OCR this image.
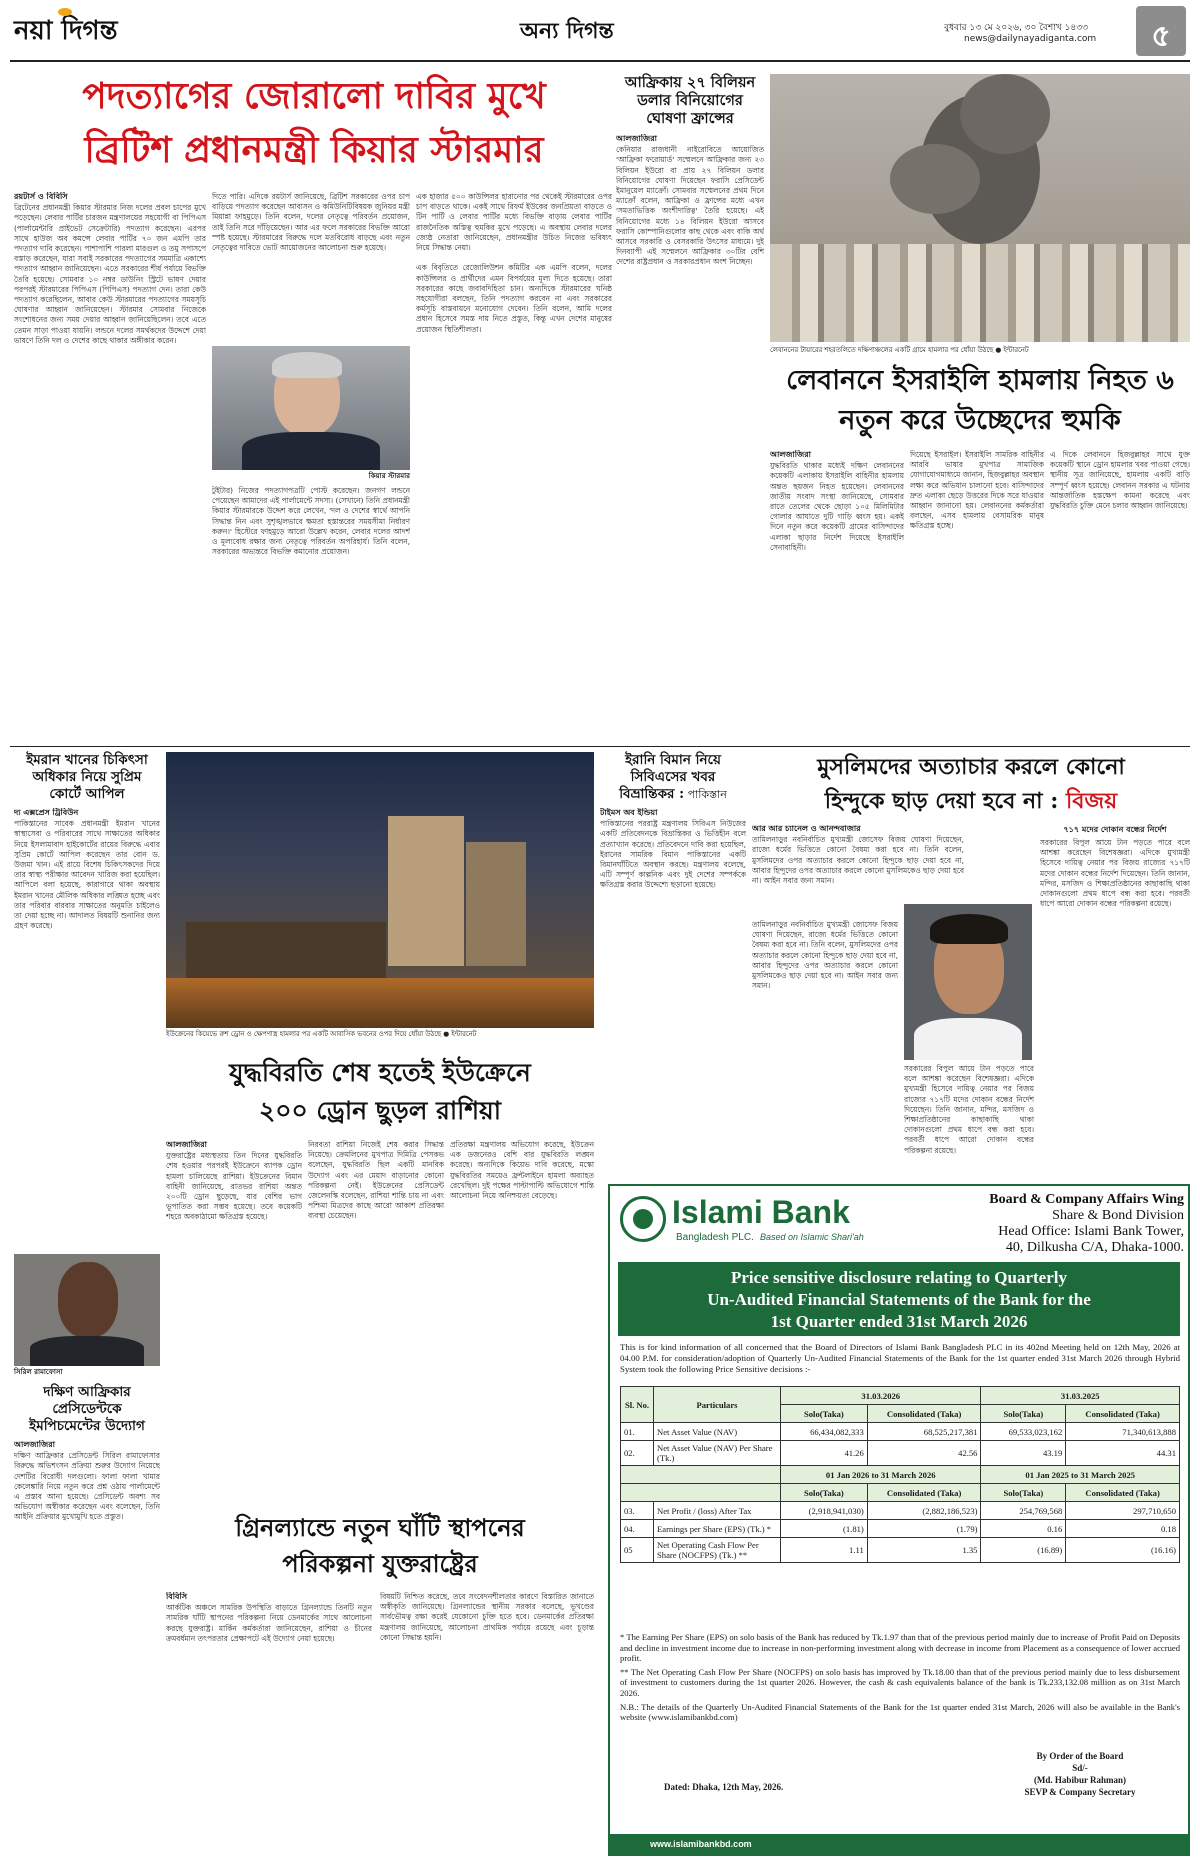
নয়া দিগন্ত	অন্য দিগন্ত	বুধবার ১৩ মে ২০২৬, ৩০ বৈশাখ ১৪৩৩
news@dailynayadiganta.com	৫
পদত্যাগের জোরালো দাবির মুখে
ব্রিটিশ প্রধানমন্ত্রী কিয়ার স্টারমার
রয়টার্স ও বিবিসি
ব্রিটেনের প্রধানমন্ত্রী কিয়ার স্টারমার নিজ দলের প্রবল চাপের মুখে পড়েছেন। লেবার পার্টির চারজন মন্ত্রণালয়ের সহযোগী বা পিপিএস (পার্লামেন্টারি প্রাইভেট সেক্রেটারি) পদত্যাগ করেছেন। এরপর সাথে হাউজ অব কমন্সে লেবার পার্টির ৭০ জন এমপি তার পদত্যাগ দাবি করেছেন। পাশাপাশি পারলা মারগুল ও তমু সপাসপে বস্তাড় করেছেন, যারা সবাই সরকারের পদত্যাগের সমমাত্রি একাশ্যে পদত্যাগ আহ্বান জানিয়েছেন। এতে সরকারের শীর্ষ পর্যায়ে বিভক্তি তৈরি হয়েছে। সোমবার ১০ নম্বর ডাউনিং স্ট্রিটে ভাষণ দেয়ার পরপরই স্টারমারের পিপিএস (পিপিএস) পদত্যাগ দেন। তারা কেউ পদত্যাগ করেছিলেন, আবার কেউ স্টারমারের পদত্যাগের সময়সূচি ঘোষণার আহ্বান জানিয়েছেন। স্টারমার সোমবার নিজেকে সংশোধনের জন্য সময় দেয়ার আহ্বান জানিয়েছিলেন। তবে এতে তেমন সাড়া পাওয়া যায়নি। লন্ডনে দলের সমর্থকদের উদ্দেশে দেয়া ভাষণে তিনি দল ও দেশের কাছে থাকার অঙ্গীকার করেন।
দিতে পারি। এদিকে রয়টার্স জানিয়েছে, ব্রিটিশ সরকারের ওপর চাপ বাড়িয়ে পদত্যাগ করেছেন আবাসন ও কমিউনিটিবিষয়ক জুনিয়র মন্ত্রী মিয়ান্না ফাহমুড়ে। তিনি বলেন, দলের নেতৃত্বে পরিবর্তন প্রয়োজন, তাই তিনি সরে দাঁড়িয়েছেন। আর এর ফলে সরকারের বিভক্তি আরো স্পষ্ট হয়েছে। স্টারমারের বিরুদ্ধে দলে মতবিরোধ বাড়ছে এবং নতুন নেতৃত্বের দাবিতে ভোট আয়োজনের আলোচনা শুরু হয়েছে।
কিয়ার স্টারমার
টুইটার) নিজের পদত্যাগপত্রটি পোস্ট করেছেন। জনগণ লন্ডনে পেয়েছেন আমাদের এই পার্লামেন্টে সদস্য। (সেখানে) তিনি প্রধানমন্ত্রী কিয়ার স্টারমারকে উদ্দেশ করে লেখেন, 'দল ও দেশের স্বার্থে আপনি সিদ্ধান্ত নিন এবং সুশৃঙ্খলভাবে ক্ষমতা হস্তান্তরের সময়সীমা নির্ধারণ করুন।' হিস্টেরে ফাহমুড়ে আরো উল্লেখ করেন, লেবার দলের আদর্শ ও মূল্যবোধ রক্ষার জন্য নেতৃত্বে পরিবর্তন অপরিহার্য। তিনি বলেন, সরকারের অভ্যন্তরে বিভক্তি কমানোর প্রয়োজন।
এক হাজার ৫০০ কাউন্সিলর হারানোর পর থেকেই স্টারমারের ওপর চাপ বাড়তে থাকে। একই সাথে রিফর্ম ইউকের জনপ্রিয়তা বাড়তে ও টিন পার্টি ও লেবার পার্টির মধ্যে বিভক্তি বাড়ায় লেবার পার্টির রাজনৈতিক অস্তিত্ব হুমকির মুখে পড়েছে। এ অবস্থায় লেবার দলের জ্যেষ্ঠ নেতারা জানিয়েছেন, প্রধানমন্ত্রীর উচিত নিজের ভবিষ্যৎ নিয়ে সিদ্ধান্ত নেয়া।

এক বিবৃতিতে রেজোলিউশন কমিটির এক এমপি বলেন, দলের কাউন্সিলর ও প্রার্থীদের এমন বিপর্যয়ের মূল্য দিতে হয়েছে। তারা সরকারের কাছে জবাবদিহিতা চান। অন্যদিকে স্টারমারের ঘনিষ্ঠ সহযোগীরা বলছেন, তিনি পদত্যাগ করবেন না এবং সরকারের কর্মসূচি বাস্তবায়নে মনোযোগ দেবেন। তিনি বলেন, আমি দলের প্রধান হিসেবে সমস্ত দায় নিতে প্রস্তুত, কিন্তু এখন দেশের মানুষের প্রয়োজন স্থিতিশীলতা।
আফ্রিকায় ২৭ বিলিয়ন
ডলার বিনিয়োগের
ঘোষণা ফ্রান্সের
আলজাজিরা
কেনিয়ার রাজধানী নাইরোবিতে আয়োজিত 'আফ্রিকা ফরোয়ার্ড' সম্মেলনে আফ্রিকার জন্য ২৩ বিলিয়ন ইউরো বা প্রায় ২৭ বিলিয়ন ডলার বিনিয়োগের ঘোষণা দিয়েছেন ফরাসি প্রেসিডেন্ট ইমানুয়েল ম্যাক্রোঁ। সোমবার সম্মেলনের প্রথম দিনে ম্যাক্রোঁ বলেন, আফ্রিকা ও ফ্রান্সের মধ্যে এখন 'সমতাভিত্তিক অংশীদারিত্ব' তৈরি হয়েছে। এই বিনিয়োগের মধ্যে ১৪ বিলিয়ন ইউরো আসবে ফরাসি কোম্পানিগুলোর কাছ থেকে এবং বাকি অর্থ আসবে সরকারি ও বেসরকারি উৎসের মাধ্যমে। দুই দিনব্যাপী এই সম্মেলনে আফ্রিকার ৩০টির বেশি দেশের রাষ্ট্রপ্রধান ও সরকারপ্রধান অংশ নিচ্ছেন।
লেবাননের টায়ারের শহরতলিতে দক্ষিণাঞ্চলের একটি গ্রামে হামলার পর ধোঁয়া উঠছে ● ইন্টারনেট
লেবাননে ইসরাইলি হামলায় নিহত ৬
নতুন করে উচ্ছেদের হুমকি
আলজাজিরা
যুদ্ধবিরতি থাকার মধ্যেই দক্ষিণ লেবাননের কয়েকটি এলাকায় ইসরাইলি বাহিনীর হামলায় অন্তত ছয়জন নিহত হয়েছেন। লেবাননের জাতীয় সংবাদ সংস্থা জানিয়েছে, সোমবার রাতে তেলের থেকে ছোড়া ১০৫ মিলিমিটার গোলার আঘাতে দুটি গাড়ি ধ্বংস হয়। একই দিনে নতুন করে কয়েকটি গ্রামের বাসিন্দাদের এলাকা ছাড়ার নির্দেশ দিয়েছে ইসরাইলি সেনাবাহিনী।
দিয়েছে ইসরাইল। ইসরাইলি সামরিক বাহিনীর আরবি ভাষার মুখপাত্র সামাজিক যোগাযোগমাধ্যমে জানান, হিজবুল্লাহর অবস্থান লক্ষ্য করে অভিযান চালানো হবে। বাসিন্দাদের দ্রুত এলাকা ছেড়ে উত্তরের দিকে সরে যাওয়ার আহ্বান জানানো হয়। লেবাননের কর্মকর্তারা বলছেন, এসব হামলায় বেসামরিক মানুষ ক্ষতিগ্রস্ত হচ্ছে।
এ দিকে লেবাননে হিজবুল্লাহর সাথে যুক্ত কয়েকটি স্থানে ড্রোন হামলার খবর পাওয়া গেছে। স্থানীয় সূত্র জানিয়েছে, হামলায় একটি বাড়ি সম্পূর্ণ ধ্বংস হয়েছে। লেবানন সরকার এ ঘটনায় আন্তর্জাতিক হস্তক্ষেপ কামনা করেছে এবং যুদ্ধবিরতি চুক্তি মেনে চলার আহ্বান জানিয়েছে।
ইমরান খানের চিকিৎসা
অধিকার নিয়ে সুপ্রিম
কোর্টে আপিল
দ্য এক্সপ্রেস ট্রিবিউন
পাকিস্তানের সাবেক প্রধানমন্ত্রী ইমরান খানের স্বাস্থ্যসেবা ও পরিবারের সাথে সাক্ষাতের অধিকার নিয়ে ইসলামাবাদ হাইকোর্টের রায়ের বিরুদ্ধে এবার সুপ্রিম কোর্টে আপিল করেছেন তার বোন ড. উজমা খান। এই রায়ে বিশেষ চিকিৎসকদের দিয়ে তার স্বাস্থ্য পরীক্ষার আবেদন খারিজ করা হয়েছিল। আপিলে বলা হয়েছে, কারাগারে থাকা অবস্থায় ইমরান খানের মৌলিক অধিকার লঙ্ঘিত হচ্ছে এবং তার পরিবার বারবার সাক্ষাতের অনুমতি চাইলেও তা দেয়া হচ্ছে না। আদালত বিষয়টি শুনানির জন্য গ্রহণ করেছে।
ইউক্রেনের কিয়েভে রুশ ড্রোন ও ক্ষেপণাস্ত্র হামলার পর একটি আবাসিক ভবনের ওপর দিয়ে ধোঁয়া উঠছে ● ইন্টারনেট
যুদ্ধবিরতি শেষ হতেই ইউক্রেনে
২০০ ড্রোন ছুড়ল রাশিয়া
আলজাজিরা
যুক্তরাষ্ট্রের মধ্যস্থতায় তিন দিনের যুদ্ধবিরতি শেষ হওয়ার পরপরই ইউক্রেনে ব্যাপক ড্রোন হামলা চালিয়েছে রাশিয়া। ইউক্রেনের বিমান বাহিনী জানিয়েছে, রাতভর রাশিয়া অন্তত ২০০টি ড্রোন ছুড়েছে, যার বেশির ভাগ ভূপাতিত করা সম্ভব হয়েছে। তবে কয়েকটি শহরে অবকাঠামো ক্ষতিগ্রস্ত হয়েছে।
নিরবতা রাশিয়া নিজেই শেষ করার সিদ্ধান্ত নিয়েছে। ক্রেমলিনের মুখপাত্র দিমিত্রি পেসকভ বলেছেন, যুদ্ধবিরতি ছিল একটি মানবিক উদ্যোগ এবং এর মেয়াদ বাড়ানোর কোনো পরিকল্পনা নেই। ইউক্রেনের প্রেসিডেন্ট জেলেনস্কি বলেছেন, রাশিয়া শান্তি চায় না এবং পশ্চিমা মিত্রদের কাছে আরো আকাশ প্রতিরক্ষা ব্যবস্থা চেয়েছেন।
প্রতিরক্ষা মন্ত্রণালয় অভিযোগ করেছে, ইউক্রেন এক ডজনেরও বেশি বার যুদ্ধবিরতি লঙ্ঘন করেছে। অন্যদিকে কিয়েভ দাবি করেছে, মস্কো যুদ্ধবিরতির সময়েও ফ্রন্টলাইনে হামলা অব্যাহত রেখেছিল। দুই পক্ষের পাল্টাপাল্টি অভিযোগে শান্তি আলোচনা নিয়ে অনিশ্চয়তা বেড়েছে।
ইরানি বিমান নিয়ে
সিবিএসের খবর
বিভ্রান্তিকর : পাকিস্তান
টাইমস অব ইন্ডিয়া
পাকিস্তানের পররাষ্ট্র মন্ত্রণালয় সিবিএস নিউজের একটি প্রতিবেদনকে বিভ্রান্তিকর ও ভিত্তিহীন বলে প্রত্যাখ্যান করেছে। প্রতিবেদনে দাবি করা হয়েছিল, ইরানের সামরিক বিমান পাকিস্তানের একটি বিমানঘাঁটিতে অবস্থান করছে। মন্ত্রণালয় বলেছে, এটি সম্পূর্ণ কাল্পনিক এবং দুই দেশের সম্পর্ককে ক্ষতিগ্রস্ত করার উদ্দেশ্যে ছড়ানো হয়েছে।
মুসলিমদের অত্যাচার করলে কোনো
হিন্দুকে ছাড় দেয়া হবে না : বিজয়
আর আর চ্যানেল ও আনন্দবাজার
তামিলনাড়ুর নবনির্বাচিত মুখ্যমন্ত্রী জোসেফ বিজয় ঘোষণা দিয়েছেন, রাজ্যে ধর্মের ভিত্তিতে কোনো বৈষম্য করা হবে না। তিনি বলেন, মুসলিমদের ওপর অত্যাচার করলে কোনো হিন্দুকে ছাড় দেয়া হবে না, আবার হিন্দুদের ওপর অত্যাচার করলে কোনো মুসলিমকেও ছাড় দেয়া হবে না। আইন সবার জন্য সমান।
তামিলনাড়ুর নবনির্বাচিত মুখ্যমন্ত্রী জোসেফ বিজয় ঘোষণা দিয়েছেন, রাজ্যে ধর্মের ভিত্তিতে কোনো বৈষম্য করা হবে না। তিনি বলেন, মুসলিমদের ওপর অত্যাচার করলে কোনো হিন্দুকে ছাড় দেয়া হবে না, আবার হিন্দুদের ওপর অত্যাচার করলে কোনো মুসলিমকেও ছাড় দেয়া হবে না। আইন সবার জন্য সমান।
৭১৭ মদের দোকান বন্ধের নির্দেশ
সরকারের বিপুল আয়ে টান পড়তে পারে বলে আশঙ্কা করেছেন বিশেষজ্ঞরা। এদিকে মুখ্যমন্ত্রী হিসেবে দায়িত্ব নেয়ার পর বিজয় রাজ্যের ৭১৭টি মদের দোকান বন্ধের নির্দেশ দিয়েছেন। তিনি জানান, মন্দির, মসজিদ ও শিক্ষাপ্রতিষ্ঠানের কাছাকাছি থাকা দোকানগুলো প্রথম ধাপে বন্ধ করা হবে। পরবর্তী ধাপে আরো দোকান বন্ধের পরিকল্পনা রয়েছে।
সরকারের বিপুল আয়ে টান পড়তে পারে বলে আশঙ্কা করেছেন বিশেষজ্ঞরা। এদিকে মুখ্যমন্ত্রী হিসেবে দায়িত্ব নেয়ার পর বিজয় রাজ্যের ৭১৭টি মদের দোকান বন্ধের নির্দেশ দিয়েছেন। তিনি জানান, মন্দির, মসজিদ ও শিক্ষাপ্রতিষ্ঠানের কাছাকাছি থাকা দোকানগুলো প্রথম ধাপে বন্ধ করা হবে। পরবর্তী ধাপে আরো দোকান বন্ধের পরিকল্পনা রয়েছে।
সিরিল রামাফোসা
দক্ষিণ আফ্রিকার
প্রেসিডেন্টকে
ইমপিচমেন্টের উদ্যোগ
আলজাজিরা
দক্ষিণ আফ্রিকার প্রেসিডেন্ট সিরিল রামাফোসার বিরুদ্ধে অভিশংসন প্রক্রিয়া শুরুর উদ্যোগ নিয়েছে দেশটির বিরোধী দলগুলো। ফালা ফালা খামার কেলেঙ্কারি নিয়ে নতুন করে প্রশ্ন ওঠায় পার্লামেন্টে এ প্রস্তাব আনা হয়েছে। প্রেসিডেন্ট অবশ্য সব অভিযোগ অস্বীকার করেছেন এবং বলেছেন, তিনি আইনি প্রক্রিয়ার মুখোমুখি হতে প্রস্তুত।	গ্রিনল্যান্ডে নতুন ঘাঁটি স্থাপনের
পরিকল্পনা যুক্তরাষ্ট্রের
বিবিসি
আর্কটিক অঞ্চলে সামরিক উপস্থিতি বাড়াতে গ্রিনল্যান্ডে তিনটি নতুন সামরিক ঘাঁটি স্থাপনের পরিকল্পনা নিয়ে ডেনমার্কের সাথে আলোচনা করছে যুক্তরাষ্ট্র। মার্কিন কর্মকর্তারা জানিয়েছেন, রাশিয়া ও চীনের ক্রমবর্ধমান তৎপরতার প্রেক্ষাপটে এই উদ্যোগ নেয়া হয়েছে।
বিষয়টি নিশ্চিত করেছে, তবে সংবেদনশীলতার কারণে বিস্তারিত জানাতে অস্বীকৃতি জানিয়েছে। গ্রিনল্যান্ডের স্থানীয় সরকার বলেছে, ভূখণ্ডের সার্বভৌমত্ব রক্ষা করেই যেকোনো চুক্তি হতে হবে। ডেনমার্কের প্রতিরক্ষা মন্ত্রণালয় জানিয়েছে, আলোচনা প্রাথমিক পর্যায়ে রয়েছে এবং চূড়ান্ত কোনো সিদ্ধান্ত হয়নি।
Islami Bank
Bangladesh PLC. Based on Islamic Shari'ah
Board & Company Affairs Wing
Share & Bond Division
Head Office: Islami Bank Tower,
40, Dilkusha C/A, Dhaka-1000.
Price sensitive disclosure relating to Quarterly
Un-Audited Financial Statements of the Bank for the
1st Quarter ended 31st March 2026
This is for kind information of all concerned that the Board of Directors of Islami Bank Bangladesh PLC in its 402nd Meeting held on 12th May, 2026 at 04.00 P.M. for consideration/adoption of Quarterly Un-Audited Financial Statements of the Bank for the 1st quarter ended 31st March 2026 through Hybrid System took the following Price Sensitive decisions :-
Sl. No.	Particulars	31.03.2026		31.03.2025	
		Solo(Taka)	Consolidated (Taka)	Solo(Taka)	Consolidated (Taka)
01.	Net Asset Value (NAV)	66,434,082,333	68,525,217,381	69,533,023,162	71,340,613,888
02.	Net Asset Value (NAV) Per Share (Tk.)	41.26	42.56	43.19	44.31
		01 Jan 2026 to 31 March 2026		01 Jan 2025 to 31 March 2025	
		Solo(Taka)	Consolidated (Taka)	Solo(Taka)	Consolidated (Taka)
03.	Net Profit / (loss) After Tax	(2,918,941,030)	(2,882,186,523)	254,769,568	297,710,650
04.	Earnings per Share (EPS) (Tk.) *	(1.81)	(1.79)	0.16	0.18
05	Net Operating Cash Flow Per Share (NOCFPS) (Tk.) **	1.11	1.35	(16.89)	(16.16)
* The Earning Per Share (EPS) on solo basis of the Bank has reduced by Tk.1.97 than that of the previous period mainly due to increase of Profit Paid on Deposits and decline in investment income due to increase in non-performing investment along with decrease in income from Placement as a consequence of lower accrued profit.
** The Net Operating Cash Flow Per Share (NOCFPS) on solo basis has improved by Tk.18.00 than that of the previous period mainly due to less disbursement of investment to customers during the 1st quarter 2026. However, the cash & cash equivalents balance of the bank is Tk.233,132.08 million as on 31st March 2026.
N.B.: The details of the Quarterly Un-Audited Financial Statements of the Bank for the 1st quarter ended 31st March, 2026 will also be available in the Bank's website (www.islamibankbd.com)
Dated: Dhaka, 12th May, 2026.
By Order of the Board
Sd/-
(Md. Habibur Rahman)
SEVP & Company Secretary
www.islamibankbd.com
